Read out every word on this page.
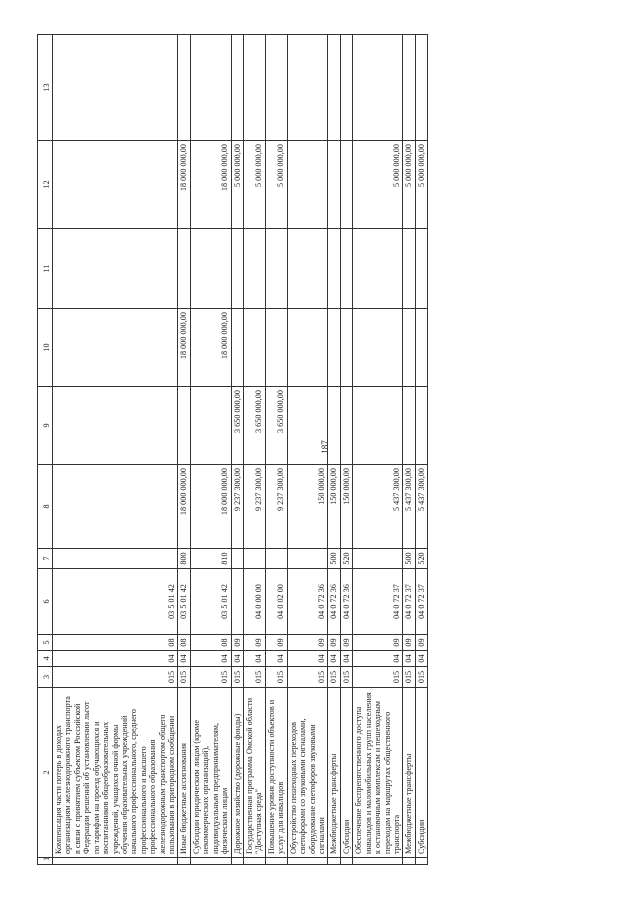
187
1	2	3	4	5	6	7	8	9	10	11	12	13
	Компенсация части потерь в доходах организациям железнодорожного транспорта в связи с принятием субъектом Российской Федерации решений об установлении льгот по тарифам на проезд обучающихся и воспитанников общеобразовательных учреждений, учащихся очной формы обучения образовательных учреждений начального профессионального, среднего профессионального и высшего профессионального образования железнодорожным транспортом общего пользования в пригородном сообщении	015	04	08	03 5 01 42							
	Иные бюджетные ассигнования	015	04	08	03 5 01 42	800	18 000 000,00		18 000 000,00		18 000 000,00	
	Субсидии юридическим лицам (кроме некоммерческих организаций), индивидуальным предпринимателям, физическим лицам	015	04	08	03 5 01 42	810	18 000 000,00		18 000 000,00		18 000 000,00	
	Дорожное хозяйство (дорожные фонды)	015	04	09			9 237 300,00	3 650 000,00			5 000 000,00	
	Государственная программа Омской области "Доступная среда"	015	04	09	04 0 00 00		9 237 300,00	3 650 000,00			5 000 000,00	
	Повышение уровня доступности объектов и услуг для инвалидов	015	04	09	04 0 02 00		9 237 300,00	3 650 000,00			5 000 000,00	
	Обустройство пешеходных переходов светофорами со звуковыми сигналами, оборудование светофоров звуковыми сигналами	015	04	09	04 0 72 36		150 000,00					
	Межбюджетные трансферты	015	04	09	04 0 72 36	500	150 000,00					
	Субсидии	015	04	09	04 0 72 36	520	150 000,00					
	Обеспечение беспрепятственного доступа инвалидов и маломобильных групп населения к остановочным комплексам и пешеходным переходам на маршрутах общественного транспорта	015	04	09	04 0 72 37		5 437 300,00				5 000 000,00	
	Межбюджетные трансферты	015	04	09	04 0 72 37	500	5 437 300,00				5 000 000,00	
	Субсидии	015	04	09	04 0 72 37	520	5 437 300,00				5 000 000,00	
